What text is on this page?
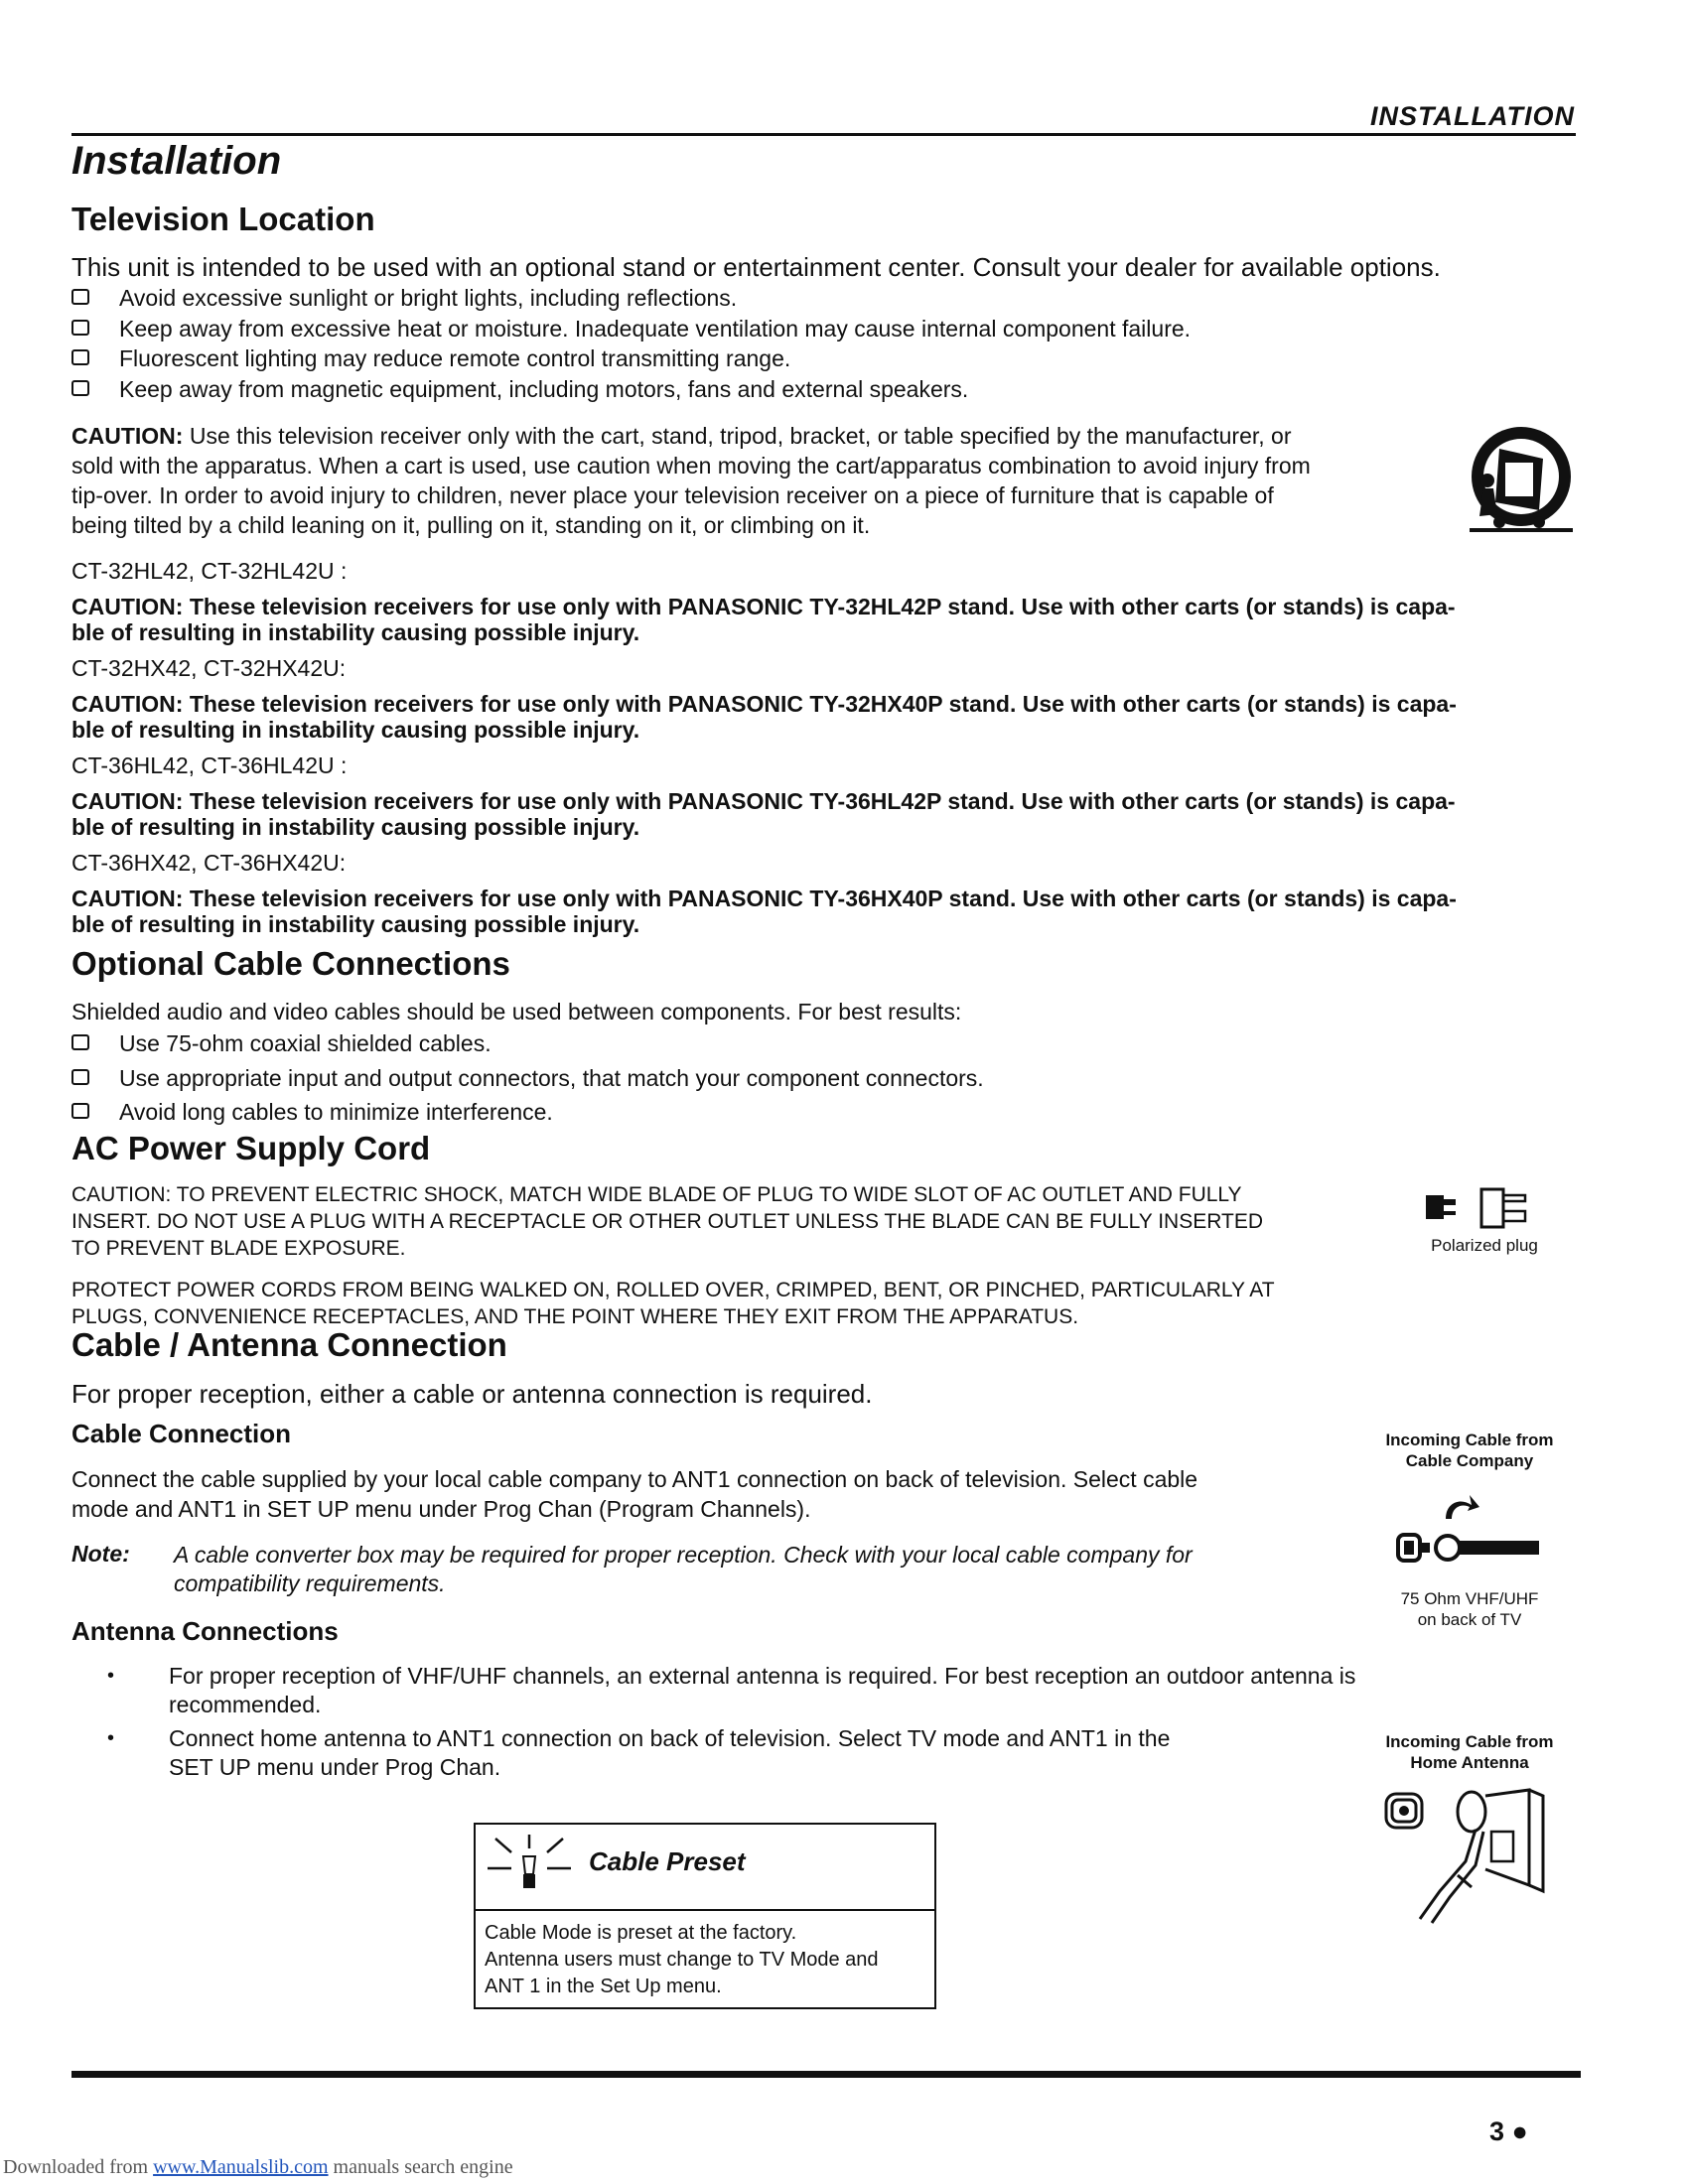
INSTALLATION
Installation
Television Location
This unit is intended to be used with an optional stand or entertainment center. Consult your dealer for available options.
Avoid excessive sunlight or bright lights, including reflections.
Keep away from excessive heat or moisture. Inadequate ventilation may cause internal component failure.
Fluorescent lighting may reduce remote control transmitting range.
Keep away from magnetic equipment, including motors, fans and external speakers.
CAUTION: Use this television receiver only with the cart, stand, tripod, bracket, or table specified by the manufacturer, or
sold with the apparatus. When a cart is used, use caution when moving the cart/apparatus combination to avoid injury from
tip-over. In order to avoid injury to children, never place your television receiver on a piece of furniture that is capable of
being tilted by a child leaning on it, pulling on it, standing on it, or climbing on it.
CT-32HL42, CT-32HL42U :
CAUTION: These television receivers for use only with PANASONIC TY-32HL42P stand. Use with other carts (or stands) is capa-
ble of resulting in instability causing possible injury.
CT-32HX42, CT-32HX42U:
CAUTION: These television receivers for use only with PANASONIC TY-32HX40P stand. Use with other carts (or stands) is capa-
ble of resulting in instability causing possible injury.
CT-36HL42, CT-36HL42U :
CAUTION: These television receivers for use only with PANASONIC TY-36HL42P stand. Use with other carts (or stands) is capa-
ble of resulting in instability causing possible injury.
CT-36HX42, CT-36HX42U:
CAUTION: These television receivers for use only with PANASONIC TY-36HX40P stand. Use with other carts (or stands) is capa-
ble of resulting in instability causing possible injury.
Optional Cable Connections
Shielded audio and video cables should be used between components. For best results:
Use 75-ohm coaxial shielded cables.
Use appropriate input and output connectors, that match your component connectors.
Avoid long cables to minimize interference.
AC Power Supply Cord
CAUTION: TO PREVENT ELECTRIC SHOCK, MATCH WIDE BLADE OF PLUG TO WIDE SLOT OF AC OUTLET AND FULLY
INSERT. DO NOT USE A PLUG WITH A RECEPTACLE OR OTHER OUTLET UNLESS THE BLADE CAN BE FULLY INSERTED
TO PREVENT BLADE EXPOSURE.
PROTECT POWER CORDS FROM BEING WALKED ON, ROLLED OVER, CRIMPED, BENT, OR PINCHED, PARTICULARLY AT
PLUGS, CONVENIENCE RECEPTACLES, AND THE POINT WHERE THEY EXIT FROM THE APPARATUS.
Polarized plug
Cable / Antenna Connection
For proper reception, either a cable or antenna connection is required.
Cable Connection
Connect the cable supplied by your local cable company to ANT1 connection on back of television. Select cable
mode and ANT1 in SET UP menu under Prog Chan (Program Channels).
Note: A cable converter box may be required for proper reception. Check with your local cable company for
compatibility requirements.
Incoming Cable from
Cable Company
75 Ohm VHF/UHF
on back of TV
Antenna Connections
• For proper reception of VHF/UHF channels, an external antenna is required. For best reception an outdoor antenna is
recommended.
• Connect home antenna to ANT1 connection on back of television. Select TV mode and ANT1 in the
SET UP menu under Prog Chan.
Incoming Cable from
Home Antenna
Cable Preset
Cable Mode is preset at the factory.
Antenna users must change to TV Mode and
ANT 1 in the Set Up menu.
3 ●
Downloaded from www.Manualslib.com manuals search engine
